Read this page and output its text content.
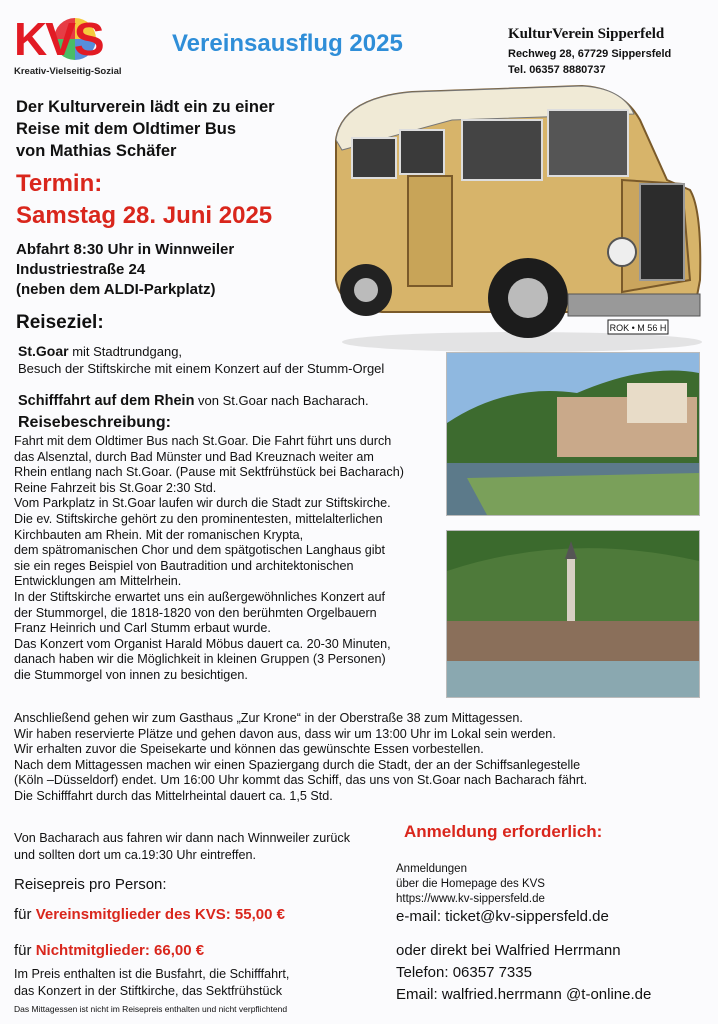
KVS
Kreativ-Vielseitig-Sozial
Vereinsausflug 2025	KulturVerein Sipperfeld
Rechweg 28, 67729 Sippersfeld
Tel. 06357 8880737
ROK • M 56 H
Der Kulturverein lädt ein zu einer
Reise mit dem Oldtimer Bus
von Mathias Schäfer
Termin:
Samstag 28. Juni 2025
Abfahrt 8:30 Uhr in Winnweiler
Industriestraße 24
(neben dem ALDI-Parkplatz)
Reiseziel:
St.Goar mit Stadtrundgang,
Besuch der Stiftskirche mit einem Konzert auf der Stumm-Orgel
Schifffahrt auf dem Rhein von St.Goar nach Bacharach.
Reisebeschreibung:
Fahrt mit dem Oldtimer Bus nach St.Goar. Die Fahrt führt uns durch
das Alsenztal, durch Bad Münster und Bad Kreuznach weiter am
Rhein entlang nach St.Goar. (Pause mit Sektfrühstück bei Bacharach)
Reine Fahrzeit bis St.Goar 2:30 Std.
Vom Parkplatz in St.Goar laufen wir durch die Stadt zur Stiftskirche.
Die ev. Stiftskirche gehört zu den prominentesten, mittelalterlichen
Kirchbauten am Rhein. Mit der romanischen Krypta,
dem spätromanischen Chor und dem spätgotischen Langhaus gibt
sie ein reges Beispiel von Bautradition und architektonischen
Entwicklungen am Mittelrhein.
In der Stiftskirche erwartet uns ein außergewöhnliches Konzert auf
der Stummorgel, die 1818-1820 von den berühmten Orgelbauern
Franz Heinrich und Carl Stumm erbaut wurde.
Das Konzert vom Organist Harald Möbus dauert ca. 20-30 Minuten,
danach haben wir die Möglichkeit in kleinen Gruppen (3 Personen)
die Stummorgel von innen zu besichtigen.
Anschließend gehen wir zum Gasthaus „Zur Krone“ in der Oberstraße 38 zum Mittagessen.
Wir haben reservierte Plätze und gehen davon aus, dass wir um 13:00 Uhr im Lokal sein werden.
Wir erhalten zuvor die Speisekarte und können das gewünschte Essen vorbestellen.
Nach dem Mittagessen machen wir einen Spaziergang durch die Stadt, der an der Schiffsanlegestelle
(Köln –Düsseldorf) endet. Um 16:00 Uhr kommt das Schiff, das uns von St.Goar nach Bacharach fährt.
Die Schifffahrt durch das Mittelrheintal dauert ca. 1,5 Std.
Von Bacharach aus fahren wir dann nach Winnweiler zurück
und sollten dort um ca.19:30 Uhr eintreffen.
Reisepreis pro Person:
für Vereinsmitglieder des KVS: 55,00 €
für Nichtmitglieder: 66,00 €
Im Preis enthalten ist die Busfahrt, die Schifffahrt,
das Konzert in der Stiftkirche, das Sektfrühstück
Das Mittagessen ist nicht im Reisepreis enthalten und nicht verpflichtend
Anmeldung erforderlich:
Anmeldungen
über die Homepage des KVS
https://www.kv-sippersfeld.de
e-mail: ticket@kv-sippersfeld.de
oder direkt bei Walfried Herrmann
Telefon: 06357 7335
Email: walfried.herrmann @t-online.de
